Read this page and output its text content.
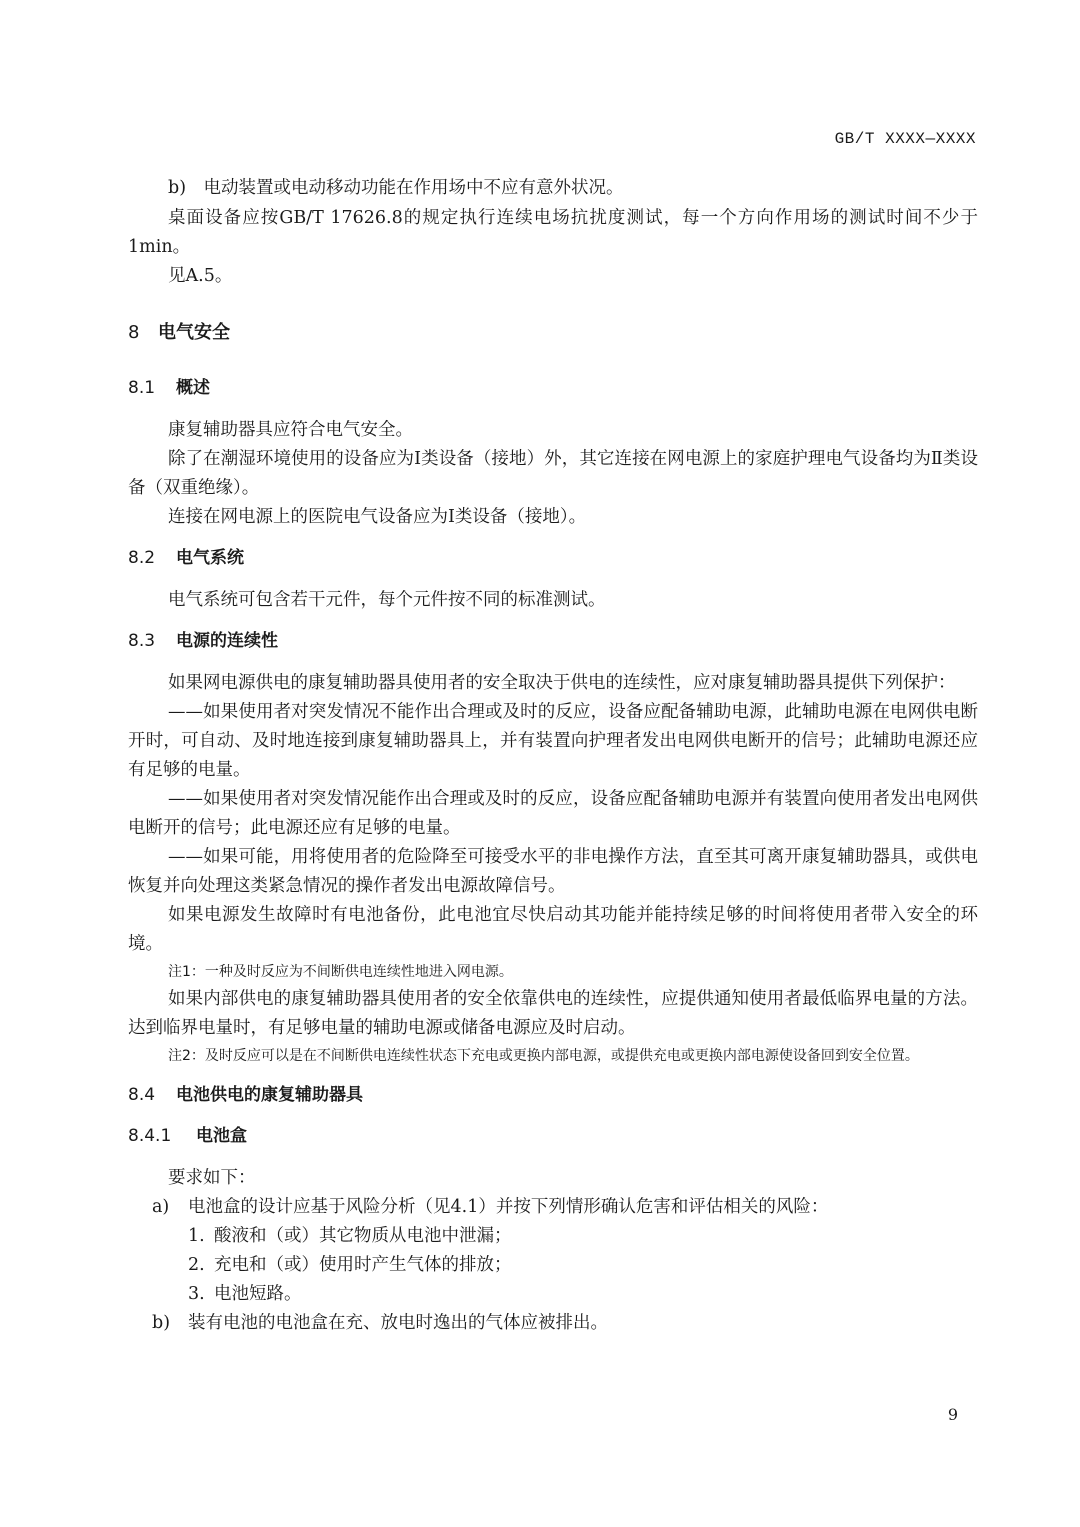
GB/T XXXX—XXXX

b)　 电动装置或电动移动功能在作用场中不应有意外状况。

桌面设备应按GB/T 17626.8的规定执行连续电场抗扰度测试，每一个方向作用场的测试时间不少于1min。

见A.5。

8 电气安全

8.1 概述

康复辅助器具应符合电气安全。

除了在潮湿环境使用的设备应为Ⅰ类设备（接地）外，其它连接在网电源上的家庭护理电气设备均为Ⅱ类设备（双重绝缘）。

连接在网电源上的医院电气设备应为Ⅰ类设备（接地）。

8.2 电气系统

电气系统可包含若干元件，每个元件按不同的标准测试。

8.3 电源的连续性

如果网电源供电的康复辅助器具使用者的安全取决于供电的连续性，应对康复辅助器具提供下列保护：

——如果使用者对突发情况不能作出合理或及时的反应，设备应配备辅助电源，此辅助电源在电网供电断开时，可自动、及时地连接到康复辅助器具上，并有装置向护理者发出电网供电断开的信号；此辅助电源还应有足够的电量。

——如果使用者对突发情况能作出合理或及时的反应，设备应配备辅助电源并有装置向使用者发出电网供电断开的信号；此电源还应有足够的电量。

——如果可能，用将使用者的危险降至可接受水平的非电操作方法，直至其可离开康复辅助器具，或供电恢复并向处理这类紧急情况的操作者发出电源故障信号。

如果电源发生故障时有电池备份，此电池宜尽快启动其功能并能持续足够的时间将使用者带入安全的环境。

注1：一种及时反应为不间断供电连续性地进入网电源。

如果内部供电的康复辅助器具使用者的安全依靠供电的连续性，应提供通知使用者最低临界电量的方法。达到临界电量时，有足够电量的辅助电源或储备电源应及时启动。

注2：及时反应可以是在不间断供电连续性状态下充电或更换内部电源，或提供充电或更换内部电源使设备回到安全位置。

8.4 电池供电的康复辅助器具

8.4.1 电池盒

要求如下：

a) 电池盒的设计应基于风险分析（见4.1）并按下列情形确认危害和评估相关的风险：

1. 酸液和（或）其它物质从电池中泄漏；

2. 充电和（或）使用时产生气体的排放；

3. 电池短路。

b) 装有电池的电池盒在充、放电时逸出的气体应被排出。

9
